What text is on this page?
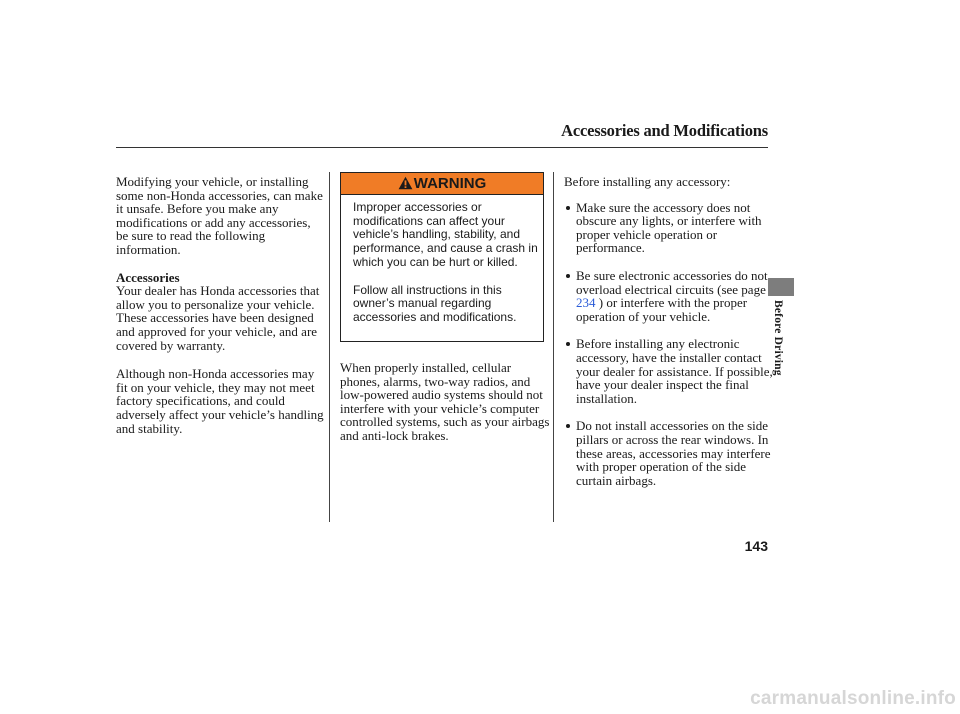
Accessories and Modifications

Modifying your vehicle, or installing some non-Honda accessories, can make it unsafe. Before you make any modifications or add any accessories, be sure to read the following information.

Accessories

Your dealer has Honda accessories that allow you to personalize your vehicle. These accessories have been designed and approved for your vehicle, and are covered by warranty.

Although non-Honda accessories may fit on your vehicle, they may not meet factory specifications, and could adversely affect your vehicle’s handling and stability.

WARNING

Improper accessories or modifications can affect your vehicle’s handling, stability, and performance, and cause a crash in which you can be hurt or killed.

Follow all instructions in this owner’s manual regarding accessories and modifications.

When properly installed, cellular phones, alarms, two-way radios, and low-powered audio systems should not interfere with your vehicle’s computer controlled systems, such as your airbags and anti-lock brakes.

Before installing any accessory:

Make sure the accessory does not obscure any lights, or interfere with proper vehicle operation or performance.
Be sure electronic accessories do not overload electrical circuits (see page 234 ) or interfere with the proper operation of your vehicle.
Before installing any electronic accessory, have the installer contact your dealer for assistance. If possible, have your dealer inspect the final installation.
Do not install accessories on the side pillars or across the rear windows. In these areas, accessories may interfere with proper operation of the side curtain airbags.
Before Driving
143
carmanualsonline.info
